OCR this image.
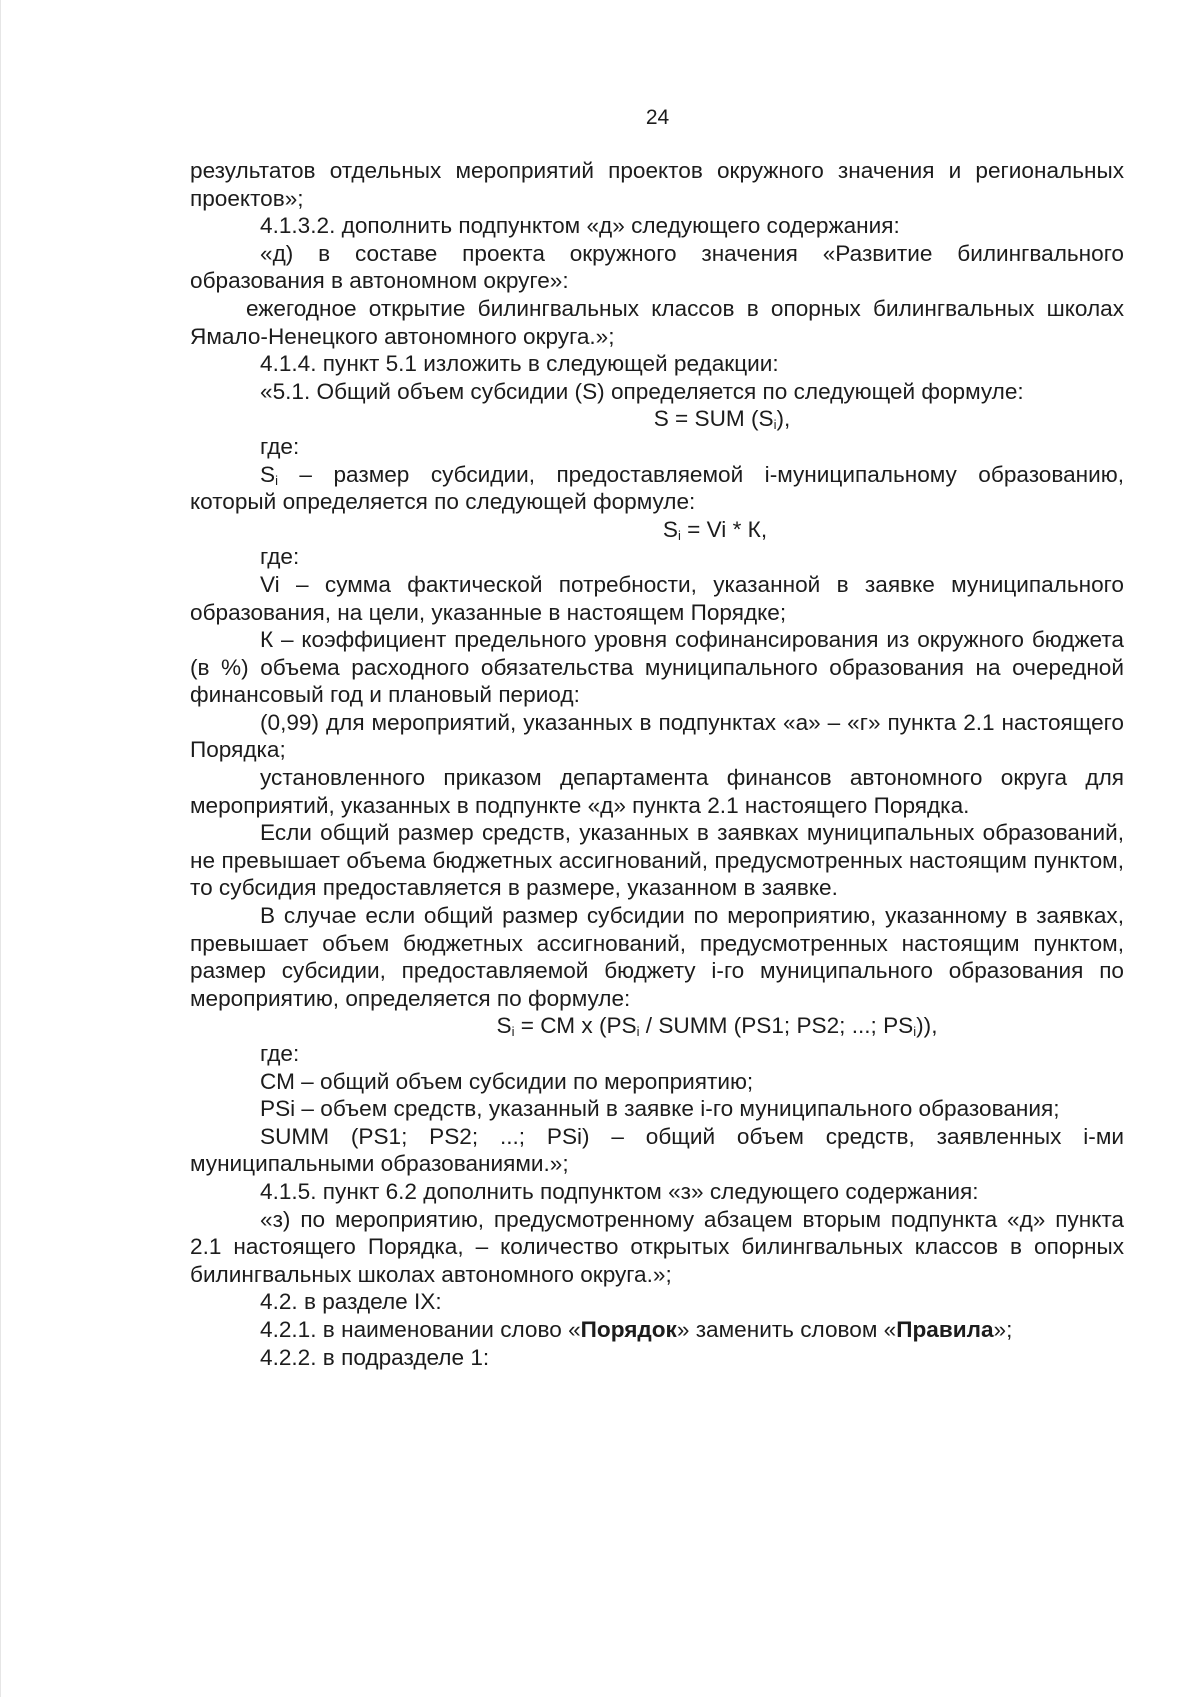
24

результатов отдельных мероприятий проектов окружного значения и региональных проектов»;

4.1.3.2. дополнить подпунктом «д» следующего содержания:

«д) в составе проекта окружного значения «Развитие билингвального образования в автономном округе»:

ежегодное открытие билингвальных классов в опорных билингвальных школах Ямало-Ненецкого автономного округа.»;

4.1.4. пункт 5.1 изложить в следующей редакции:

«5.1. Общий объем субсидии (S) определяется по следующей формуле:

S = SUM $(S_i)$,

где:

$S_i$ – размер субсидии, предоставляемой i-муниципальному образованию, который определяется по следующей формуле:

$S_i = Vi * К$,

где:

Vi – сумма фактической потребности, указанной в заявке муниципального образования, на цели, указанные в настоящем Порядке;

К – коэффициент предельного уровня софинансирования из окружного бюджета (в %) объема расходного обязательства муниципального образования на очередной финансовый год и плановый период:

(0,99) для мероприятий, указанных в подпунктах «а» – «г» пункта 2.1 настоящего Порядка;

установленного приказом департамента финансов автономного округа для мероприятий, указанных в подпункте «д» пункта 2.1 настоящего Порядка.

Если общий размер средств, указанных в заявках муниципальных образований, не превышает объема бюджетных ассигнований, предусмотренных настоящим пунктом, то субсидия предоставляется в размере, указанном в заявке.

В случае если общий размер субсидии по мероприятию, указанному в заявках, превышает объем бюджетных ассигнований, предусмотренных настоящим пунктом, размер субсидии, предоставляемой бюджету i-го муниципального образования по мероприятию, определяется по формуле:

$S_i$ = СМ х ($PS_i$ / SUMM (PS1; PS2; ...; $PS_i$)),

где:

СМ – общий объем субсидии по мероприятию;

PSi – объем средств, указанный в заявке i-го муниципального образования;

SUMM (PS1; PS2; ...; PSi) – общий объем средств, заявленных i-ми муниципальными образованиями.»;

4.1.5. пункт 6.2 дополнить подпунктом «з» следующего содержания:

«з) по мероприятию, предусмотренному абзацем вторым подпункта «д» пункта 2.1 настоящего Порядка, – количество открытых билингвальных классов в опорных билингвальных школах автономного округа.»;

4.2. в разделе IX:

4.2.1. в наименовании слово «Порядок» заменить словом «Правила»;

4.2.2. в подразделе 1:
